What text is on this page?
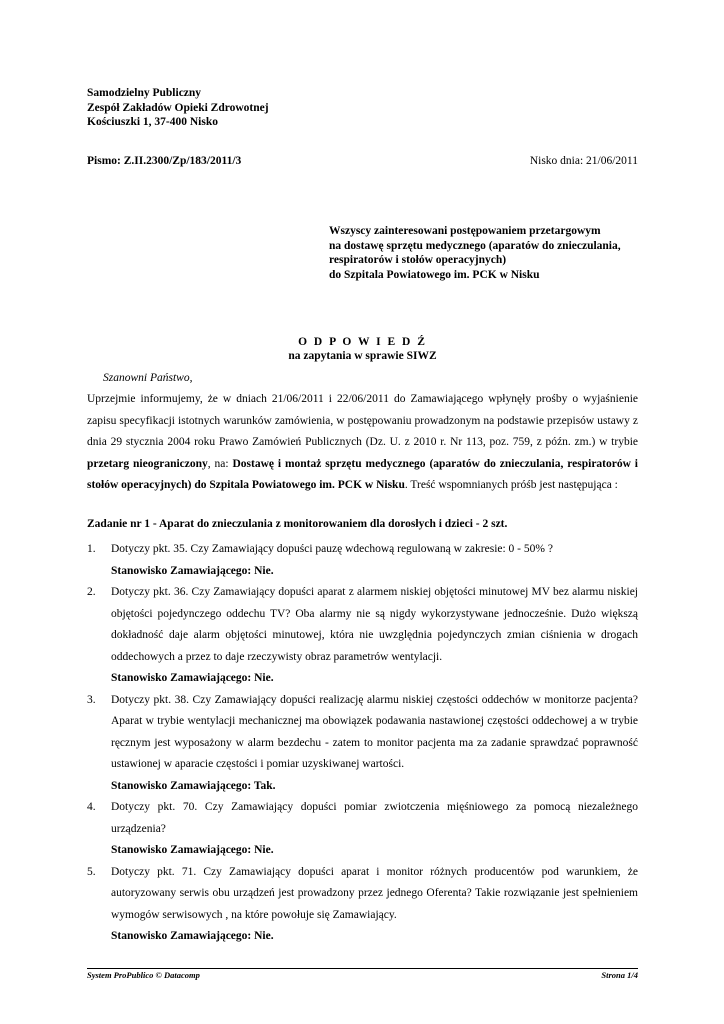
Samodzielny Publiczny
Zespół Zakładów Opieki Zdrowotnej
Kościuszki 1, 37-400 Nisko
Pismo: Z.II.2300/Zp/183/2011/3	Nisko dnia: 21/06/2011
Wszyscy zainteresowani postępowaniem przetargowym
na dostawę sprzętu medycznego (aparatów do znieczulania,
respiratorów i stołów operacyjnych)
do Szpitala Powiatowego im. PCK w Nisku
O D P O W I E D Ź
na zapytania w sprawie SIWZ
Szanowni Państwo,
Uprzejmie informujemy, że w dniach 21/06/2011 i 22/06/2011 do Zamawiającego wpłynęły prośby o wyjaśnienie zapisu specyfikacji istotnych warunków zamówienia, w postępowaniu prowadzonym na podstawie przepisów ustawy z dnia 29 stycznia 2004 roku Prawo Zamówień Publicznych (Dz. U. z 2010 r. Nr 113, poz. 759, z późn. zm.) w trybie przetarg nieograniczony, na: Dostawę i montaż sprzętu medycznego (aparatów do znieczulania, respiratorów i stołów operacyjnych) do Szpitala Powiatowego im. PCK w Nisku. Treść wspomnianych próśb jest następująca :
Zadanie nr 1 - Aparat do znieczulania z monitorowaniem dla dorosłych i dzieci - 2 szt.
1.	Dotyczy pkt. 35. Czy Zamawiający dopuści pauzę wdechową regulowaną w zakresie: 0 - 50% ?
Stanowisko Zamawiającego: Nie.
2.	Dotyczy pkt. 36. Czy Zamawiający dopuści aparat z alarmem niskiej objętości minutowej MV bez alarmu niskiej objętości pojedynczego oddechu TV? Oba alarmy nie są nigdy wykorzystywane jednocześnie. Dużo większą dokładność daje alarm objętości minutowej, która nie uwzględnia pojedynczych zmian ciśnienia w drogach oddechowych a przez to daje rzeczywisty obraz parametrów wentylacji.
Stanowisko Zamawiającego: Nie.
3.	Dotyczy pkt. 38. Czy Zamawiający dopuści realizację alarmu niskiej częstości oddechów w monitorze pacjenta? Aparat w trybie wentylacji mechanicznej ma obowiązek podawania nastawionej częstości oddechowej a w trybie ręcznym jest wyposażony w alarm bezdechu - zatem to monitor pacjenta ma za zadanie sprawdzać poprawność ustawionej w aparacie częstości i pomiar uzyskiwanej wartości.
Stanowisko Zamawiającego: Tak.
4.	Dotyczy pkt. 70. Czy Zamawiający dopuści pomiar zwiotczenia mięśniowego za pomocą niezależnego urządzenia?
Stanowisko Zamawiającego: Nie.
5.	Dotyczy pkt. 71. Czy Zamawiający dopuści aparat i monitor różnych producentów pod warunkiem, że autoryzowany serwis obu urządzeń jest prowadzony przez jednego Oferenta? Takie rozwiązanie jest spełnieniem wymogów serwisowych , na które powołuje się Zamawiający.
Stanowisko Zamawiającego: Nie.
System ProPublico © Datacomp	Strona 1/4
